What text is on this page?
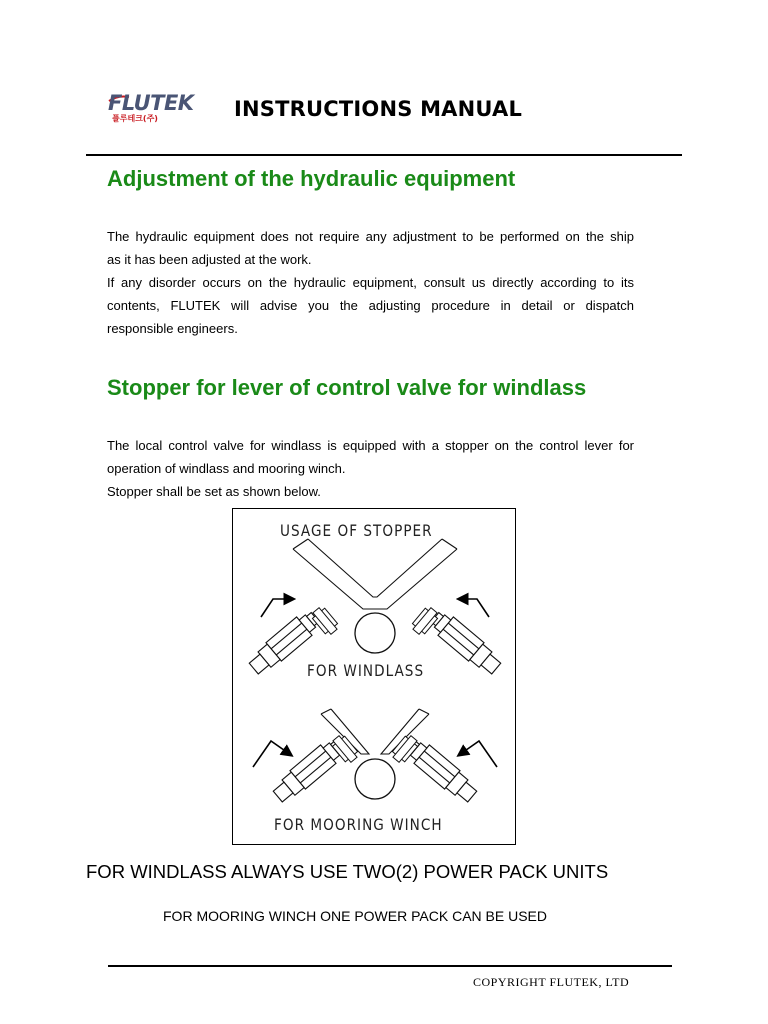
FLUTEK
플루테크(주)	INSTRUCTIONS MANUAL
Adjustment of the hydraulic equipment

The hydraulic equipment does not require any adjustment to be performed on the ship
as it has been adjusted at the work.

If any disorder occurs on the hydraulic equipment, consult us directly according to its
contents, FLUTEK will advise you the adjusting procedure in detail or dispatch
responsible engineers.

Stopper for lever of control valve for windlass

The local control valve for windlass is equipped with a stopper on the control lever for
operation of windlass and mooring winch.

Stopper shall be set as shown below.

USAGE OF STOPPER
FOR WINDLASS
FOR MOORING WINCH
FOR WINDLASS ALWAYS USE TWO(2) POWER PACK UNITS
FOR MOORING WINCH ONE POWER PACK CAN BE USED
COPYRIGHT FLUTEK, LTD
